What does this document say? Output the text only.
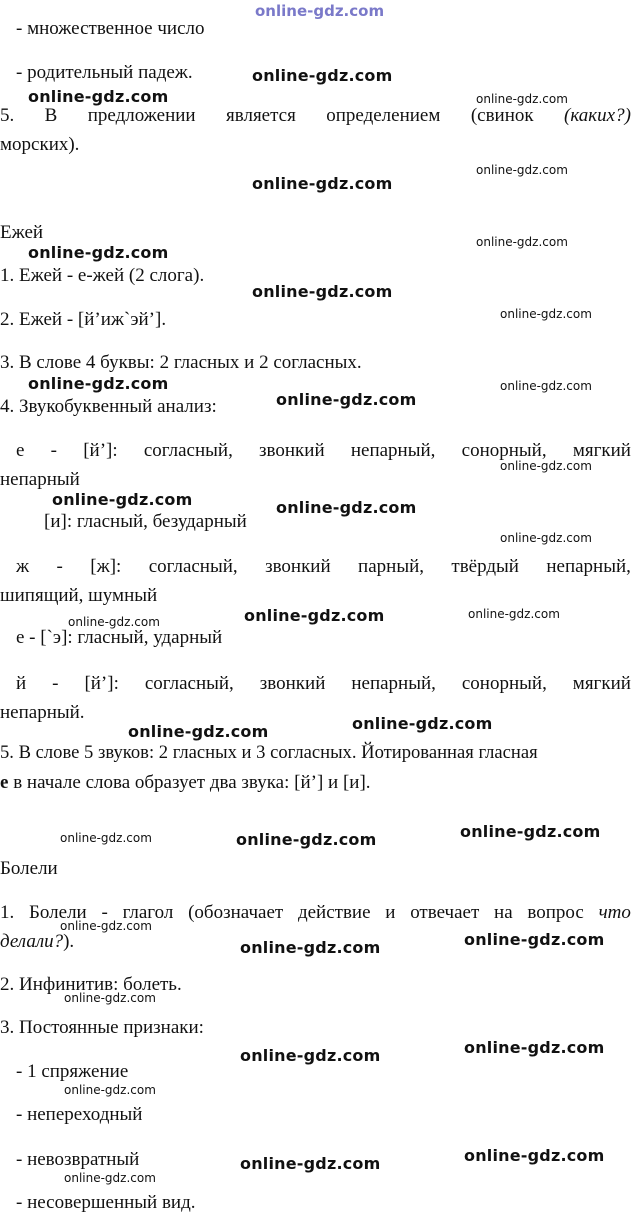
online-gdz.com
- множественное число
- родительный падеж.
5. В предложении является определением (свинок (каких?)
морских).
Ежей
1. Ежей - е-жей (2 слога).
2. Ежей - [й’иж`эй’].
3. В слове 4 буквы: 2 гласных и 2 согласных.
4. Звукобуквенный анализ:
е - [й’]: согласный, звонкий непарный, сонорный, мягкий
непарный
[и]: гласный, безударный
ж - [ж]: согласный, звонкий парный, твёрдый непарный,
шипящий, шумный
е - [`э]: гласный, ударный
й - [й’]: согласный, звонкий непарный, сонорный, мягкий
непарный.
5. В слове 5 звуков: 2 гласных и 3 согласных. Йотированная гласная
е в начале слова образует два звука: [й’] и [и].
Болели
1. Болели - глагол (обозначает действие и отвечает на вопрос что
делали?).
2. Инфинитив: болеть.
3. Постоянные признаки:
- 1 спряжение
- непереходный
- невозвратный
- несовершенный вид.
online-gdz.com
online-gdz.com
online-gdz.com
online-gdz.com
online-gdz.com
online-gdz.com
online-gdz.com
online-gdz.com	online-gdz.com
online-gdz.com
online-gdz.com	online-gdz.com
online-gdz.com	online-gdz.com
online-gdz.com	online-gdz.com
online-gdz.com	online-gdz.com
online-gdz.com	online-gdz.com
online-gdz.com
online-gdz.com
online-gdz.com
online-gdz.com
online-gdz.com
online-gdz.com
online-gdz.com
online-gdz.com
online-gdz.com
online-gdz.com
online-gdz.com
online-gdz.com
online-gdz.com
online-gdz.com
